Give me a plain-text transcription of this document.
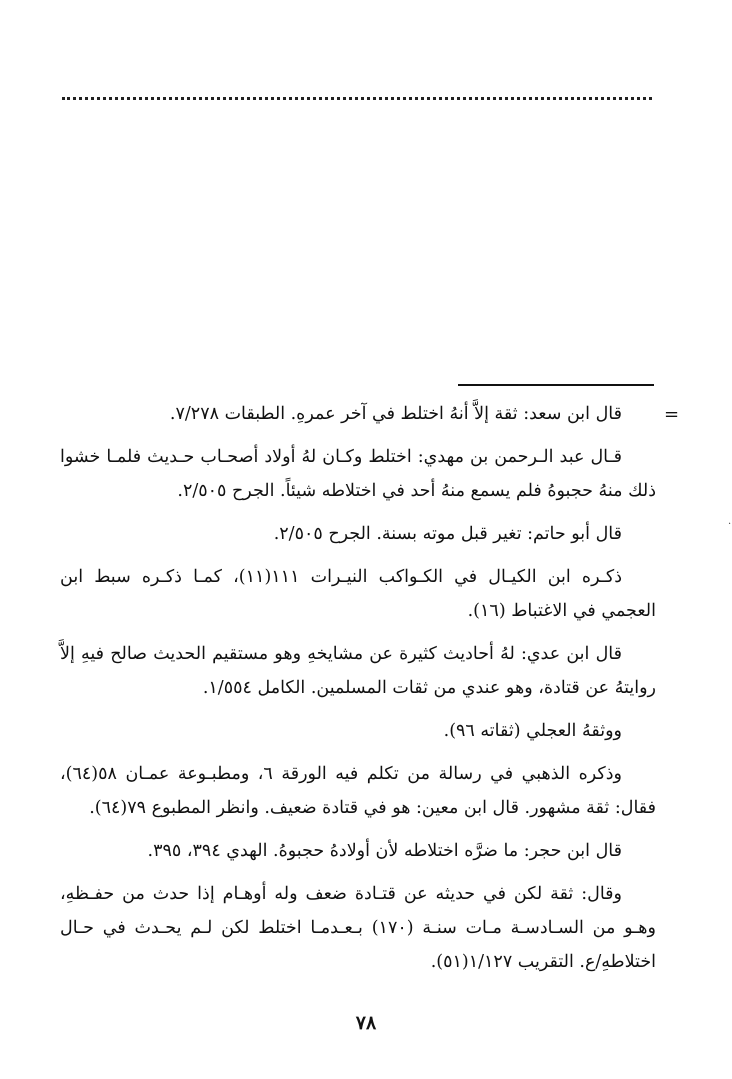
=
.

قال ابن سعد: ثقة إلاَّ أنهُ اختلط في آخر عمرهِ. الطبقات ٧/٢٧٨.

قـال عبد الـرحمن بن مهدي: اختلط وكـان لهُ أولاد أصحـاب حـديث فلمـا خشوا ذلك منهُ حجبوهُ فلم يسمع منهُ أحد في اختلاطه شيئاً. الجرح ٢/٥٠٥.

قال أبو حاتم: تغير قبل موته بسنة. الجرح ٢/٥٠٥.

ذكـره ابن الكيـال في الكـواكب النيـرات ١١١(١١)، كمـا ذكـره سبط ابن العجمي في الاغتباط (١٦).

قال ابن عدي: لهُ أحاديث كثيرة عن مشايخهِ وهو مستقيم الحديث صالح فيهِ إلاَّ روايتهُ عن قتادة، وهو عندي من ثقات المسلمين. الكامل ١/٥٥٤.

ووثقهُ العجلي (ثقاته ٩٦).

وذكره الذهبي في رسالة من تكلم فيه الورقة ٦، ومطبـوعة عمـان ٥٨(٦٤)، فقال: ثقة مشهور. قال ابن معين: هو في قتادة ضعيف. وانظر المطبوع ٧٩(٦٤).

قال ابن حجر: ما ضرَّه اختلاطه لأن أولادهُ حجبوهُ. الهدي ٣٩٤، ٣٩٥.

وقال: ثقة لكن في حديثه عن قتـادة ضعف وله أوهـام إذا حدث من حفـظهِ، وهـو من السـادسـة مـات سنـة (١٧٠) بـعـدمـا اختلط لكن لـم يحـدث في حـال اختلاطهِ/ع. التقريب ١/١٢٧(٥١).

٧٨
